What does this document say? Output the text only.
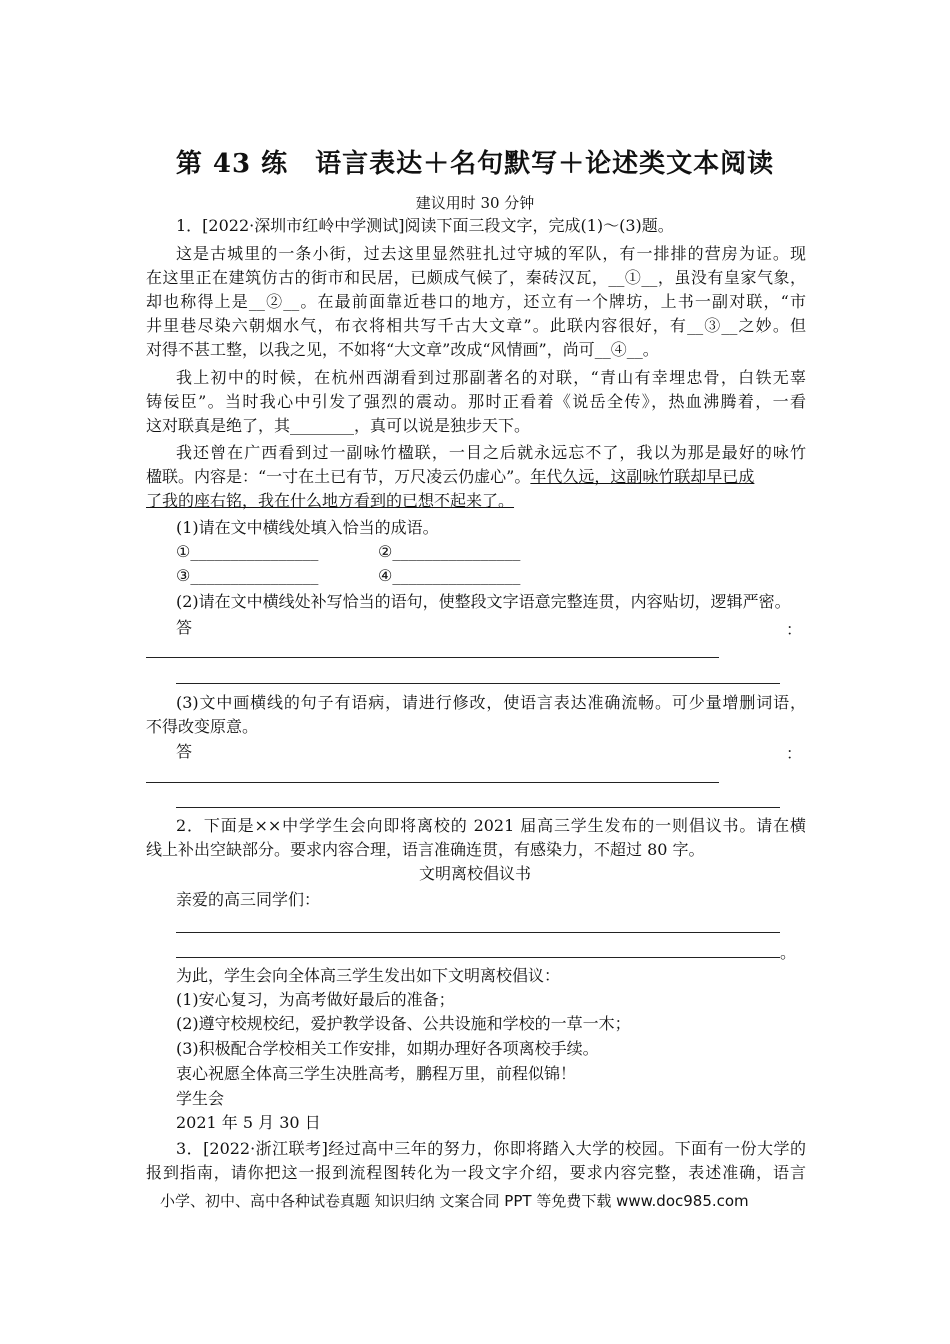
第 43 练　语言表达＋名句默写＋论述类文本阅读
建议用时 30 分钟
1．[2022·深圳市红岭中学测试]阅读下面三段文字，完成(1)～(3)题。
这是古城里的一条小街，过去这里显然驻扎过守城的军队，有一排排的营房为证。现
在这里正在建筑仿古的街市和民居，已颇成气候了，秦砖汉瓦，__①__，虽没有皇家气象，
却也称得上是__②__。在最前面靠近巷口的地方，还立有一个牌坊，上书一副对联，“市
井里巷尽染六朝烟水气，布衣将相共写千古大文章”。此联内容很好，有__③__之妙。但
对得不甚工整，以我之见，不如将“大文章”改成“风情画”，尚可__④__。
我上初中的时候，在杭州西湖看到过那副著名的对联，“青山有幸埋忠骨，白铁无辜
铸佞臣”。当时我心中引发了强烈的震动。那时正看着《说岳全传》，热血沸腾着，一看
这对联真是绝了，其________，真可以说是独步天下。
我还曾在广西看到过一副咏竹楹联，一目之后就永远忘不了，我以为那是最好的咏竹
楹联。内容是：“一寸在土已有节，万尺凌云仍虚心”。年代久远，这副咏竹联却早已成
了我的座右铭，我在什么地方看到的已想不起来了。
(1)请在文中横线处填入恰当的成语。
①________________	②________________
③________________	④________________
(2)请在文中横线处补写恰当的语句，使整段文字语意完整连贯，内容贴切，逻辑严密。
答	：
(3)文中画横线的句子有语病，请进行修改，使语言表达准确流畅。可少量增删词语，
不得改变原意。
答	：
2．下面是××中学学生会向即将离校的 2021 届高三学生发布的一则倡议书。请在横
线上补出空缺部分。要求内容合理，语言准确连贯，有感染力，不超过 80 字。
文明离校倡议书
亲爱的高三同学们：
。
为此，学生会向全体高三学生发出如下文明离校倡议：
(1)安心复习，为高考做好最后的准备；
(2)遵守校规校纪，爱护教学设备、公共设施和学校的一草一木；
(3)积极配合学校相关工作安排，如期办理好各项离校手续。
衷心祝愿全体高三学生决胜高考，鹏程万里，前程似锦！
学生会
2021 年 5 月 30 日
3．[2022·浙江联考]经过高中三年的努力，你即将踏入大学的校园。下面有一份大学的
报到指南，请你把这一报到流程图转化为一段文字介绍，要求内容完整，表述准确，语言
小学、初中、高中各种试卷真题 知识归纳 文案合同 PPT 等免费下载 www.doc985.com
